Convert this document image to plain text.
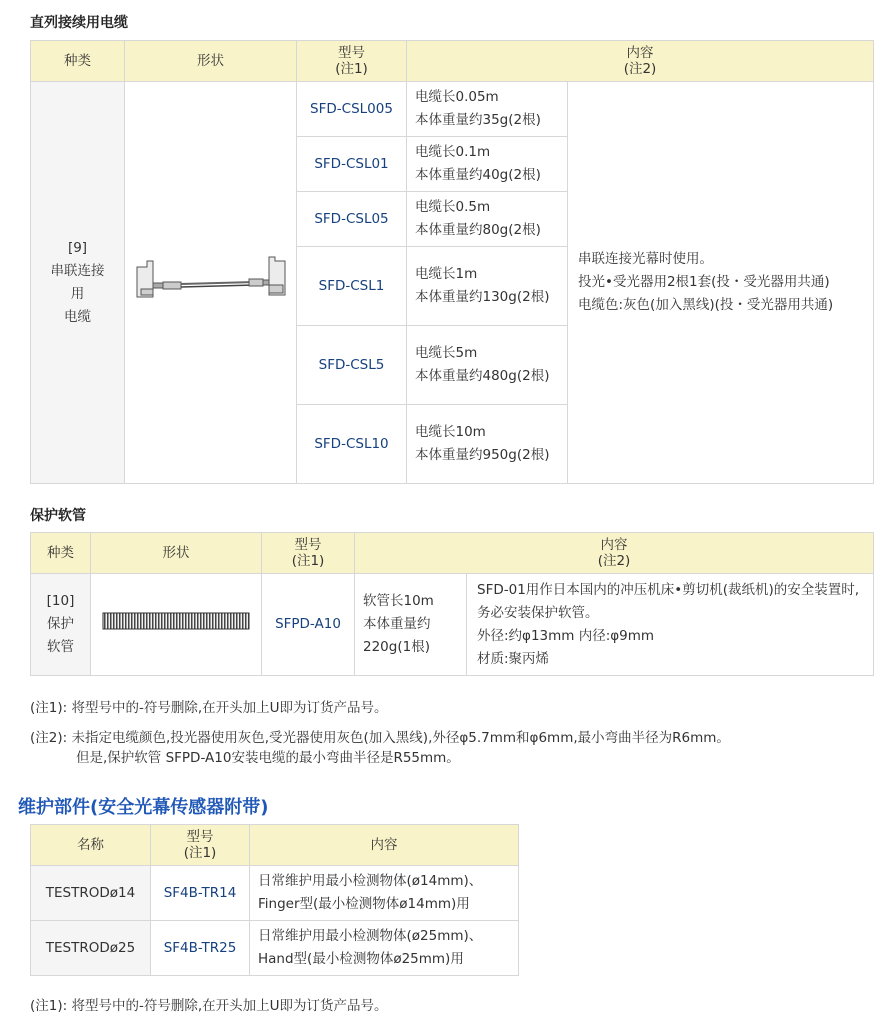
直列接续用电缆
种类	形状	型号
(注1)	内容
(注2)	
[9]
串联连接
用
电缆		SFD-CSL005	电缆长0.05m
本体重量约35g(2根)	串联连接光幕时使用。
投光•受光器用2根1套(投・受光器用共通)
电缆色:灰色(加入黑线)(投・受光器用共通)
		SFD-CSL01	电缆长0.1m
本体重量约40g(2根)	
		SFD-CSL05	电缆长0.5m
本体重量约80g(2根)	
		SFD-CSL1	电缆长1m
本体重量约130g(2根)	
		SFD-CSL5	电缆长5m
本体重量约480g(2根)	
		SFD-CSL10	电缆长10m
本体重量约950g(2根)	
保护软管
种类	形状	型号
(注1)	内容
(注2)	
[10]
保护
软管		SFPD-A10	软管长10m
本体重量约220g(1根)	SFD-01用作日本国内的冲压机床•剪切机(裁纸机)的安全装置时,务必安装保护软管。
外径:约φ13mm 内径:φ9mm
材质:聚丙烯
(注1): 将型号中的-符号删除,在开头加上U即为订货产品号。
(注2): 未指定电缆颜色,投光器使用灰色,受光器使用灰色(加入黑线),外径φ5.7mm和φ6mm,最小弯曲半径为R6mm。
但是,保护软管 SFPD-A10安装电缆的最小弯曲半径是R55mm。
维护部件(安全光幕传感器附带)
名称	型号
(注1)	内容
TESTRODø14	SF4B-TR14	日常维护用最小检测物体(ø14mm)、Finger型(最小检测物体ø14mm)用
TESTRODø25	SF4B-TR25	日常维护用最小检测物体(ø25mm)、Hand型(最小检测物体ø25mm)用
(注1): 将型号中的-符号删除,在开头加上U即为订货产品号。
